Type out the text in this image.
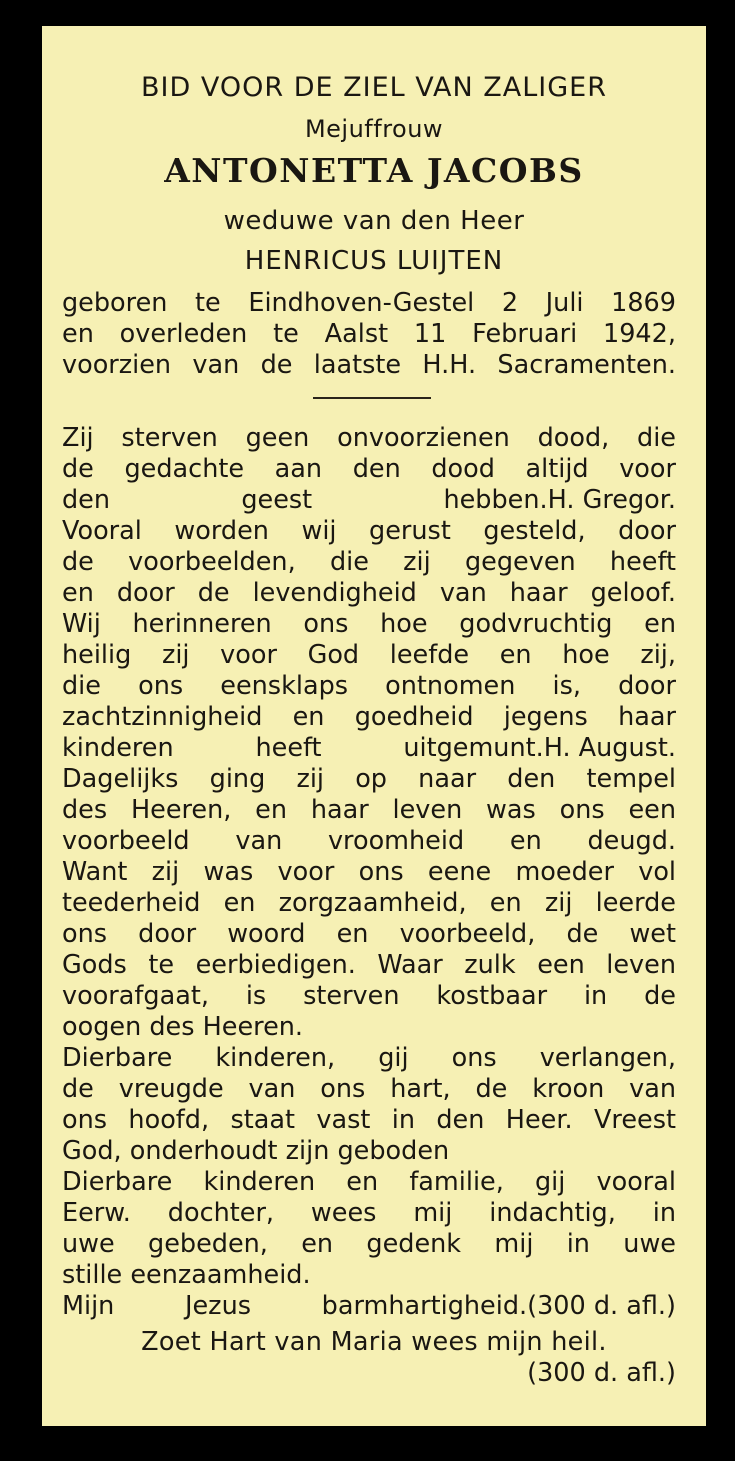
BID VOOR DE ZIEL VAN ZALIGER
Mejuffrouw
ANTONETTA JACOBS
weduwe van den Heer
HENRICUS LUIJTEN
geboren te Eindhoven-Gestel 2 Juli 1869
en overleden te Aalst 11 Februari 1942,
voorzien van de laatste H.H. Sacramenten.
Zij sterven geen onvoorzienen dood, die
de gedachte aan den dood altijd voor
den geest hebben. H. Gregor.
Vooral worden wij gerust gesteld, door
de voorbeelden, die zij gegeven heeft
en door de levendigheid van haar geloof.
Wij herinneren ons hoe godvruchtig en
heilig zij voor God leefde en hoe zij,
die ons eensklaps ontnomen is, door
zachtzinnigheid en goedheid jegens haar
kinderen heeft uitgemunt. H. August.
Dagelijks ging zij op naar den tempel
des Heeren, en haar leven was ons een
voorbeeld van vroomheid en deugd.
Want zij was voor ons eene moeder vol
teederheid en zorgzaamheid, en zij leerde
ons door woord en voorbeeld, de wet
Gods te eerbiedigen. Waar zulk een leven
voorafgaat, is sterven kostbaar in de
oogen des Heeren.
Dierbare kinderen, gij ons verlangen,
de vreugde van ons hart, de kroon van
ons hoofd, staat vast in den Heer. Vreest
God, onderhoudt zijn geboden
Dierbare kinderen en familie, gij vooral
Eerw. dochter, wees mij indachtig, in
uwe gebeden, en gedenk mij in uwe
stille eenzaamheid.
Mijn Jezus barmhartigheid. (300 d. afl.)
Zoet Hart van Maria wees mijn heil.
(300 d. afl.)
